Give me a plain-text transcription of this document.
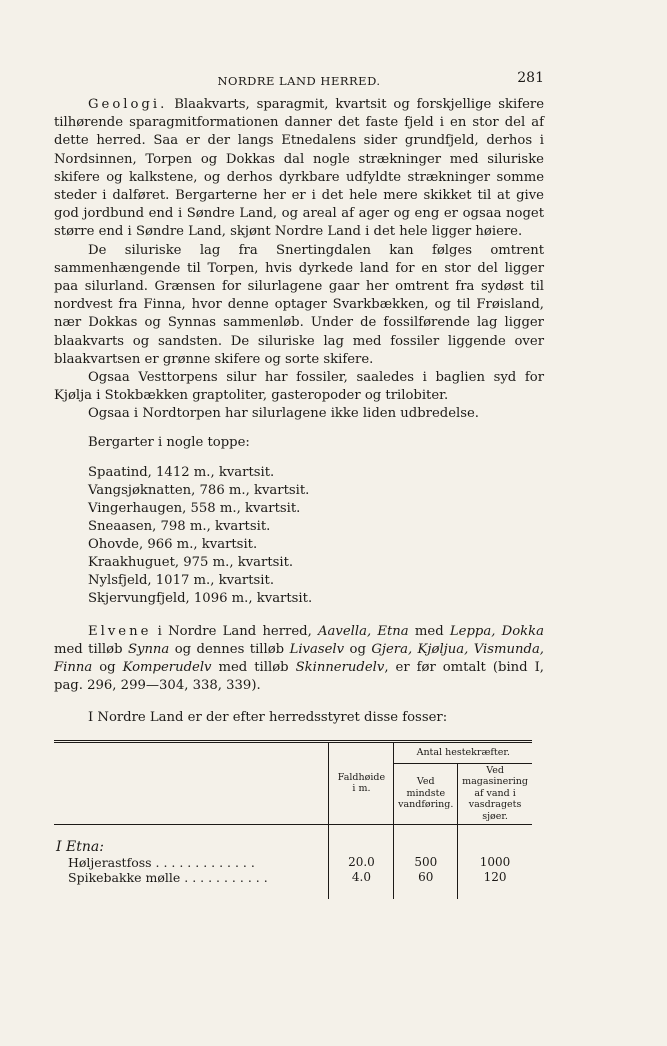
NORDRE LAND HERRED.	281

Geologi. Blaakvarts, sparagmit, kvartsit og forskjellige skifere tilhørende sparagmitformationen danner det faste fjeld i en stor del af dette herred. Saa er der langs Etnedalens sider grundfjeld, derhos i Nordsinnen, Torpen og Dokkas dal nogle strækninger med siluriske skifere og kalkstene, og derhos dyrkbare udfyldte strækninger somme steder i dalføret. Bergarterne her er i det hele mere skikket til at give god jordbund end i Søndre Land, og areal af ager og eng er ogsaa noget større end i Søndre Land, skjønt Nordre Land i det hele ligger høiere.

De siluriske lag fra Snertingdalen kan følges omtrent sammenhængende til Torpen, hvis dyrkede land for en stor del ligger paa silurland. Grænsen for silurlagene gaar her omtrent fra sydøst til nordvest fra Finna, hvor denne optager Svarkbækken, og til Frøisland, nær Dokkas og Synnas sammenløb. Under de fossilførende lag ligger blaakvarts og sandsten. De siluriske lag med fossiler liggende over blaakvartsen er grønne skifere og sorte skifere.

Ogsaa Vesttorpens silur har fossiler, saaledes i baglien syd for Kjølja i Stokbækken graptoliter, gasteropoder og trilobiter.

Ogsaa i Nordtorpen har silurlagene ikke liden udbredelse.

Bergarter i nogle toppe:
Spaatind, 1412 m., kvartsit.
Vangsjøknatten, 786 m., kvartsit.
Vingerhaugen, 558 m., kvartsit.
Sneaasen, 798 m., kvartsit.
Ohovde, 966 m., kvartsit.
Kraakhuguet, 975 m., kvartsit.
Nylsfjeld, 1017 m., kvartsit.
Skjervungfjeld, 1096 m., kvartsit.

Elvene i Nordre Land herred, Aavella, Etna med Leppa, Dokka med tilløb Synna og dennes tilløb Livaselv og Gjera, Kjøljua, Vismunda, Finna og Komperudelv med tilløb Skinnerudelv, er før omtalt (bind I, pag. 296, 299—304, 338, 339).

I Nordre Land er der efter herredsstyret disse fosser:

	Faldhøide i m.	Antal hestekræfter.	
		Ved mindste vandføring.	Ved magasinering af vand i vasdragets sjøer.
I Etna:			
Høljerastfoss . . . . . . . . . . . . .	20.0	500	1000
Spikebakke mølle . . . . . . . . . . .	4.0	60	120
